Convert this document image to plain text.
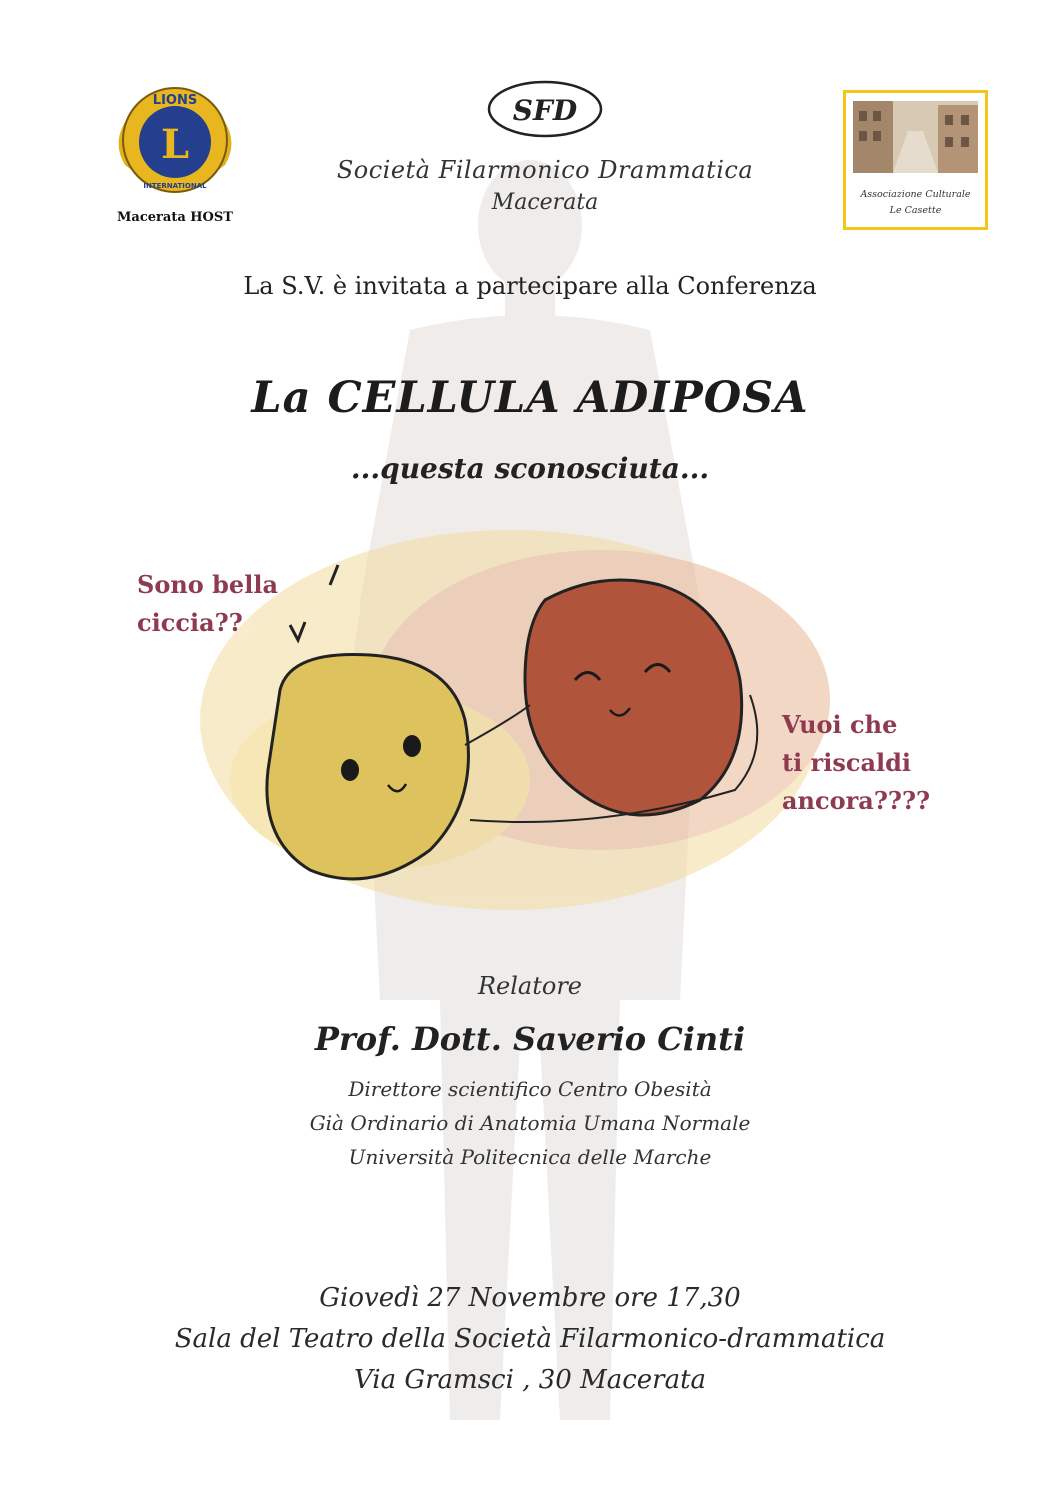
LIONS
L
INTERNATIONAL
Macerata HOST
SFD
Società Filarmonico Drammatica
Macerata	Associazione Culturale
Le Casette
La S.V. è invitata a partecipare alla Conferenza
La CELLULA ADIPOSA
...questa sconosciuta...
Sono bella
ciccia??
Vuoi che
ti riscaldi
ancora????
Relatore
Prof. Dott. Saverio Cinti
Direttore scientifico Centro Obesità
Già Ordinario di Anatomia Umana Normale
Università Politecnica delle Marche
Giovedì 27 Novembre ore 17,30
Sala del Teatro della Società Filarmonico-drammatica
Via Gramsci , 30 Macerata
